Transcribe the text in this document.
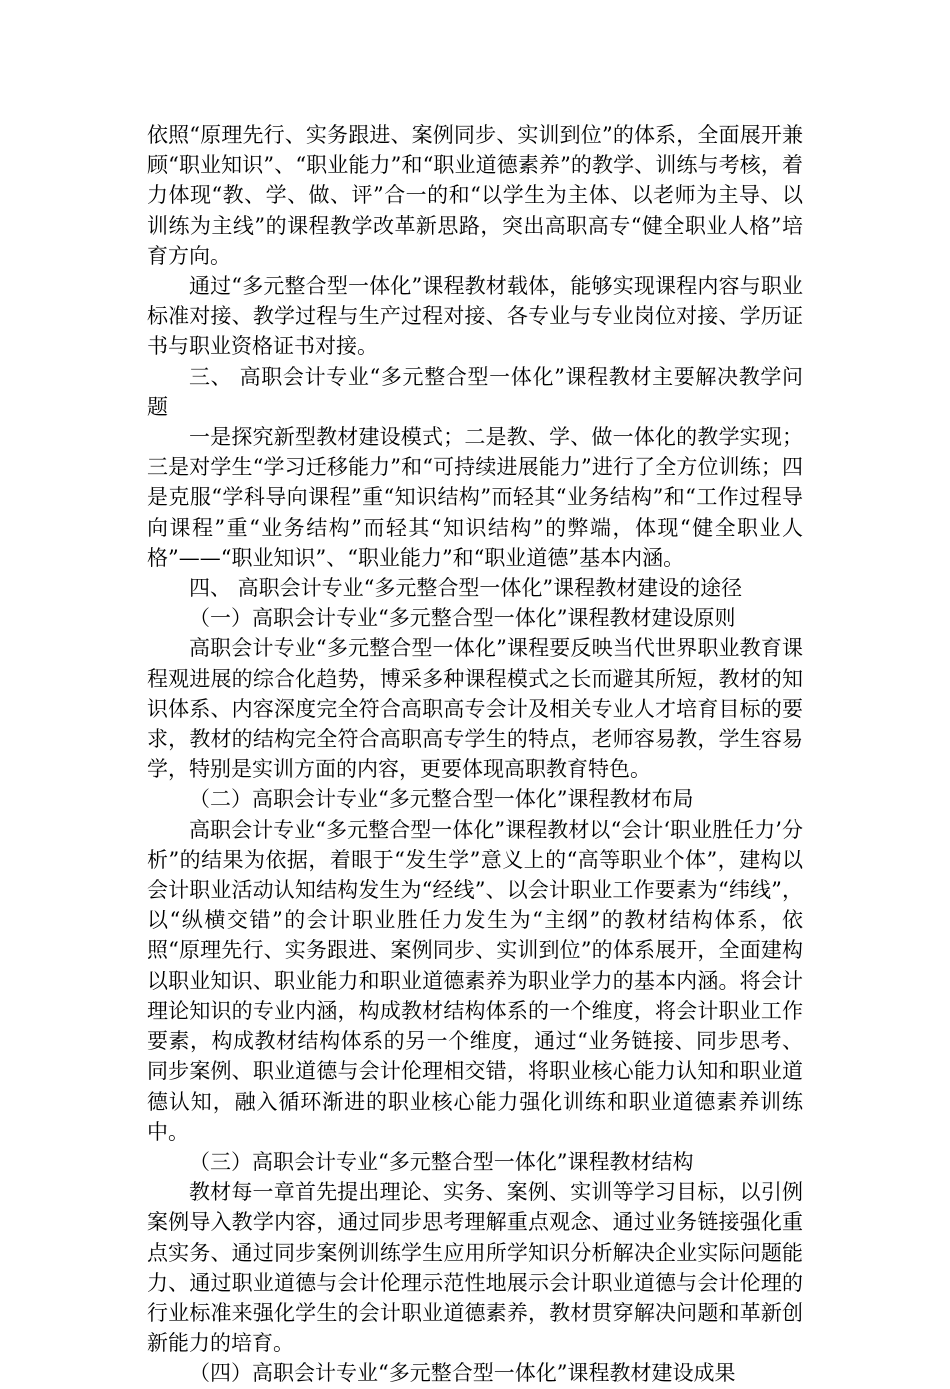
依照“原理先行、实务跟进、案例同步、实训到位”的体系，全面展开兼顾“职业知识”、“职业能力”和“职业道德素养”的教学、训练与考核，着力体现“教、学、做、评”合一的和“以学生为主体、以老师为主导、以训练为主线”的课程教学改革新思路，突出高职高专“健全职业人格”培育方向。

通过“多元整合型一体化”课程教材载体，能够实现课程内容与职业标准对接、教学过程与生产过程对接、各专业与专业岗位对接、学历证书与职业资格证书对接。

三、 高职会计专业“多元整合型一体化”课程教材主要解决教学问题

一是探究新型教材建设模式；二是教、学、做一体化的教学实现；三是对学生“学习迁移能力”和“可持续进展能力”进行了全方位训练；四是克服“学科导向课程”重“知识结构”而轻其“业务结构”和“工作过程导向课程”重“业务结构”而轻其“知识结构”的弊端，体现“健全职业人格”——“职业知识”、“职业能力”和“职业道德”基本内涵。

四、 高职会计专业“多元整合型一体化”课程教材建设的途径

（一）高职会计专业“多元整合型一体化”课程教材建设原则

高职会计专业“多元整合型一体化”课程要反映当代世界职业教育课程观进展的综合化趋势，博采多种课程模式之长而避其所短，教材的知识体系、内容深度完全符合高职高专会计及相关专业人才培育目标的要求，教材的结构完全符合高职高专学生的特点，老师容易教，学生容易学，特别是实训方面的内容，更要体现高职教育特色。

（二）高职会计专业“多元整合型一体化”课程教材布局

高职会计专业“多元整合型一体化”课程教材以“会计‘职业胜任力’分析”的结果为依据，着眼于“发生学”意义上的“高等职业个体”，建构以会计职业活动认知结构发生为“经线”、以会计职业工作要素为“纬线”，以“纵横交错”的会计职业胜任力发生为“主纲”的教材结构体系，依照“原理先行、实务跟进、案例同步、实训到位”的体系展开，全面建构以职业知识、职业能力和职业道德素养为职业学力的基本内涵。将会计理论知识的专业内涵，构成教材结构体系的一个维度，将会计职业工作要素，构成教材结构体系的另一个维度，通过“业务链接、同步思考、同步案例、职业道德与会计伦理相交错，将职业核心能力认知和职业道德认知，融入循环渐进的职业核心能力强化训练和职业道德素养训练中。

（三）高职会计专业“多元整合型一体化”课程教材结构

教材每一章首先提出理论、实务、案例、实训等学习目标，以引例案例导入教学内容，通过同步思考理解重点观念、通过业务链接强化重点实务、通过同步案例训练学生应用所学知识分析解决企业实际问题能力、通过职业道德与会计伦理示范性地展示会计职业道德与会计伦理的行业标准来强化学生的会计职业道德素养，教材贯穿解决问题和革新创新能力的培育。

（四）高职会计专业“多元整合型一体化”课程教材建设成果
